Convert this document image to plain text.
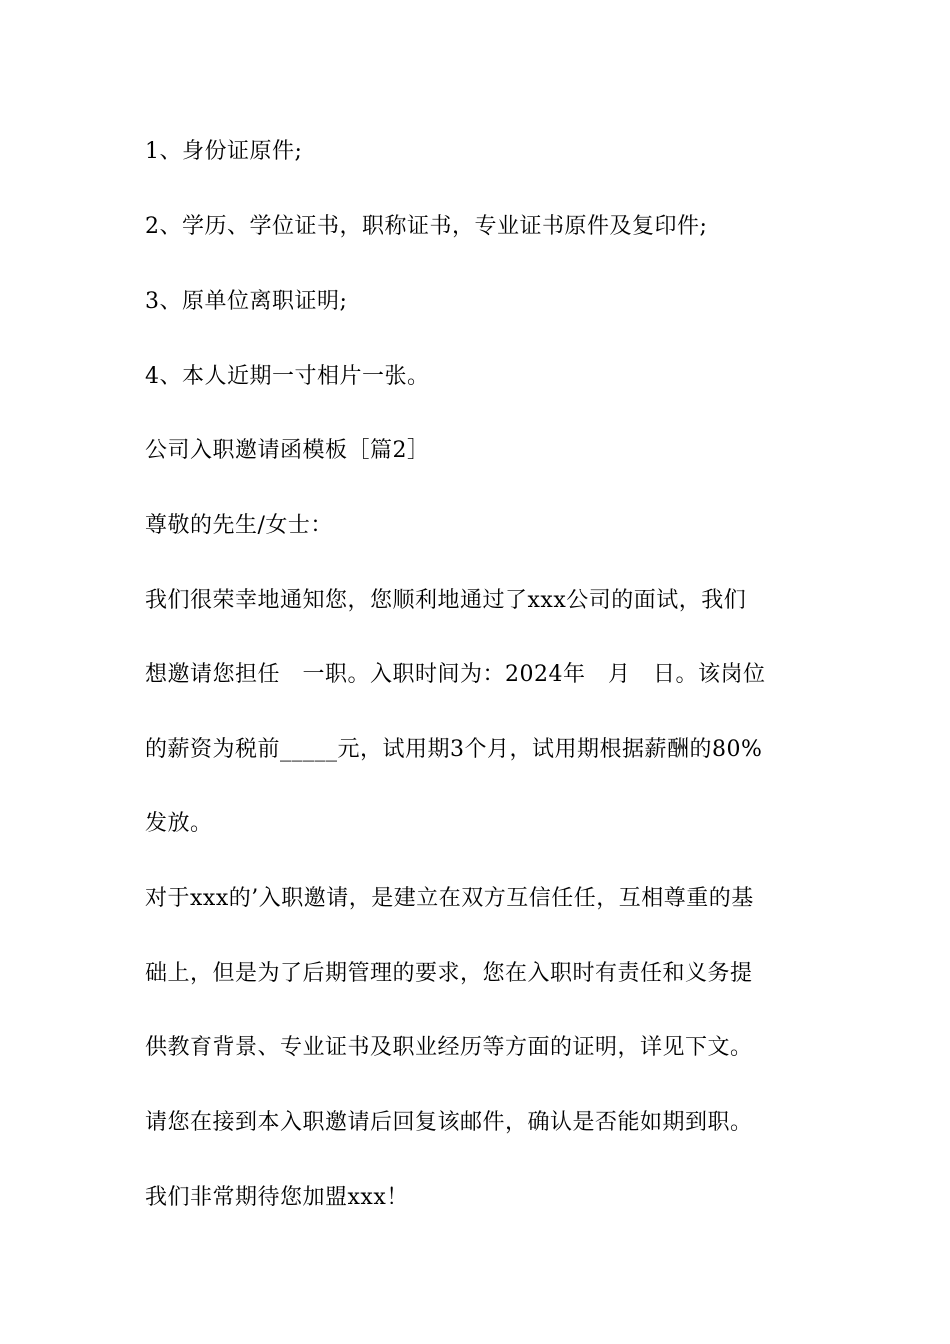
1、身份证原件;
2、学历、学位证书，职称证书，专业证书原件及复印件;
3、原单位离职证明;
4、本人近期一寸相片一张。
公司入职邀请函模板［篇2］
尊敬的先生/女士：
我们很荣幸地通知您，您顺利地通过了xxx公司的面试，我们
想邀请您担任　一职。入职时间为：2024年　月　日。该岗位
的薪资为税前_____元，试用期3个月，试用期根据薪酬的80%
发放。
对于xxx的’入职邀请，是建立在双方互信任任，互相尊重的基
础上，但是为了后期管理的要求，您在入职时有责任和义务提
供教育背景、专业证书及职业经历等方面的证明，详见下文。
请您在接到本入职邀请后回复该邮件，确认是否能如期到职。
我们非常期待您加盟xxx！
